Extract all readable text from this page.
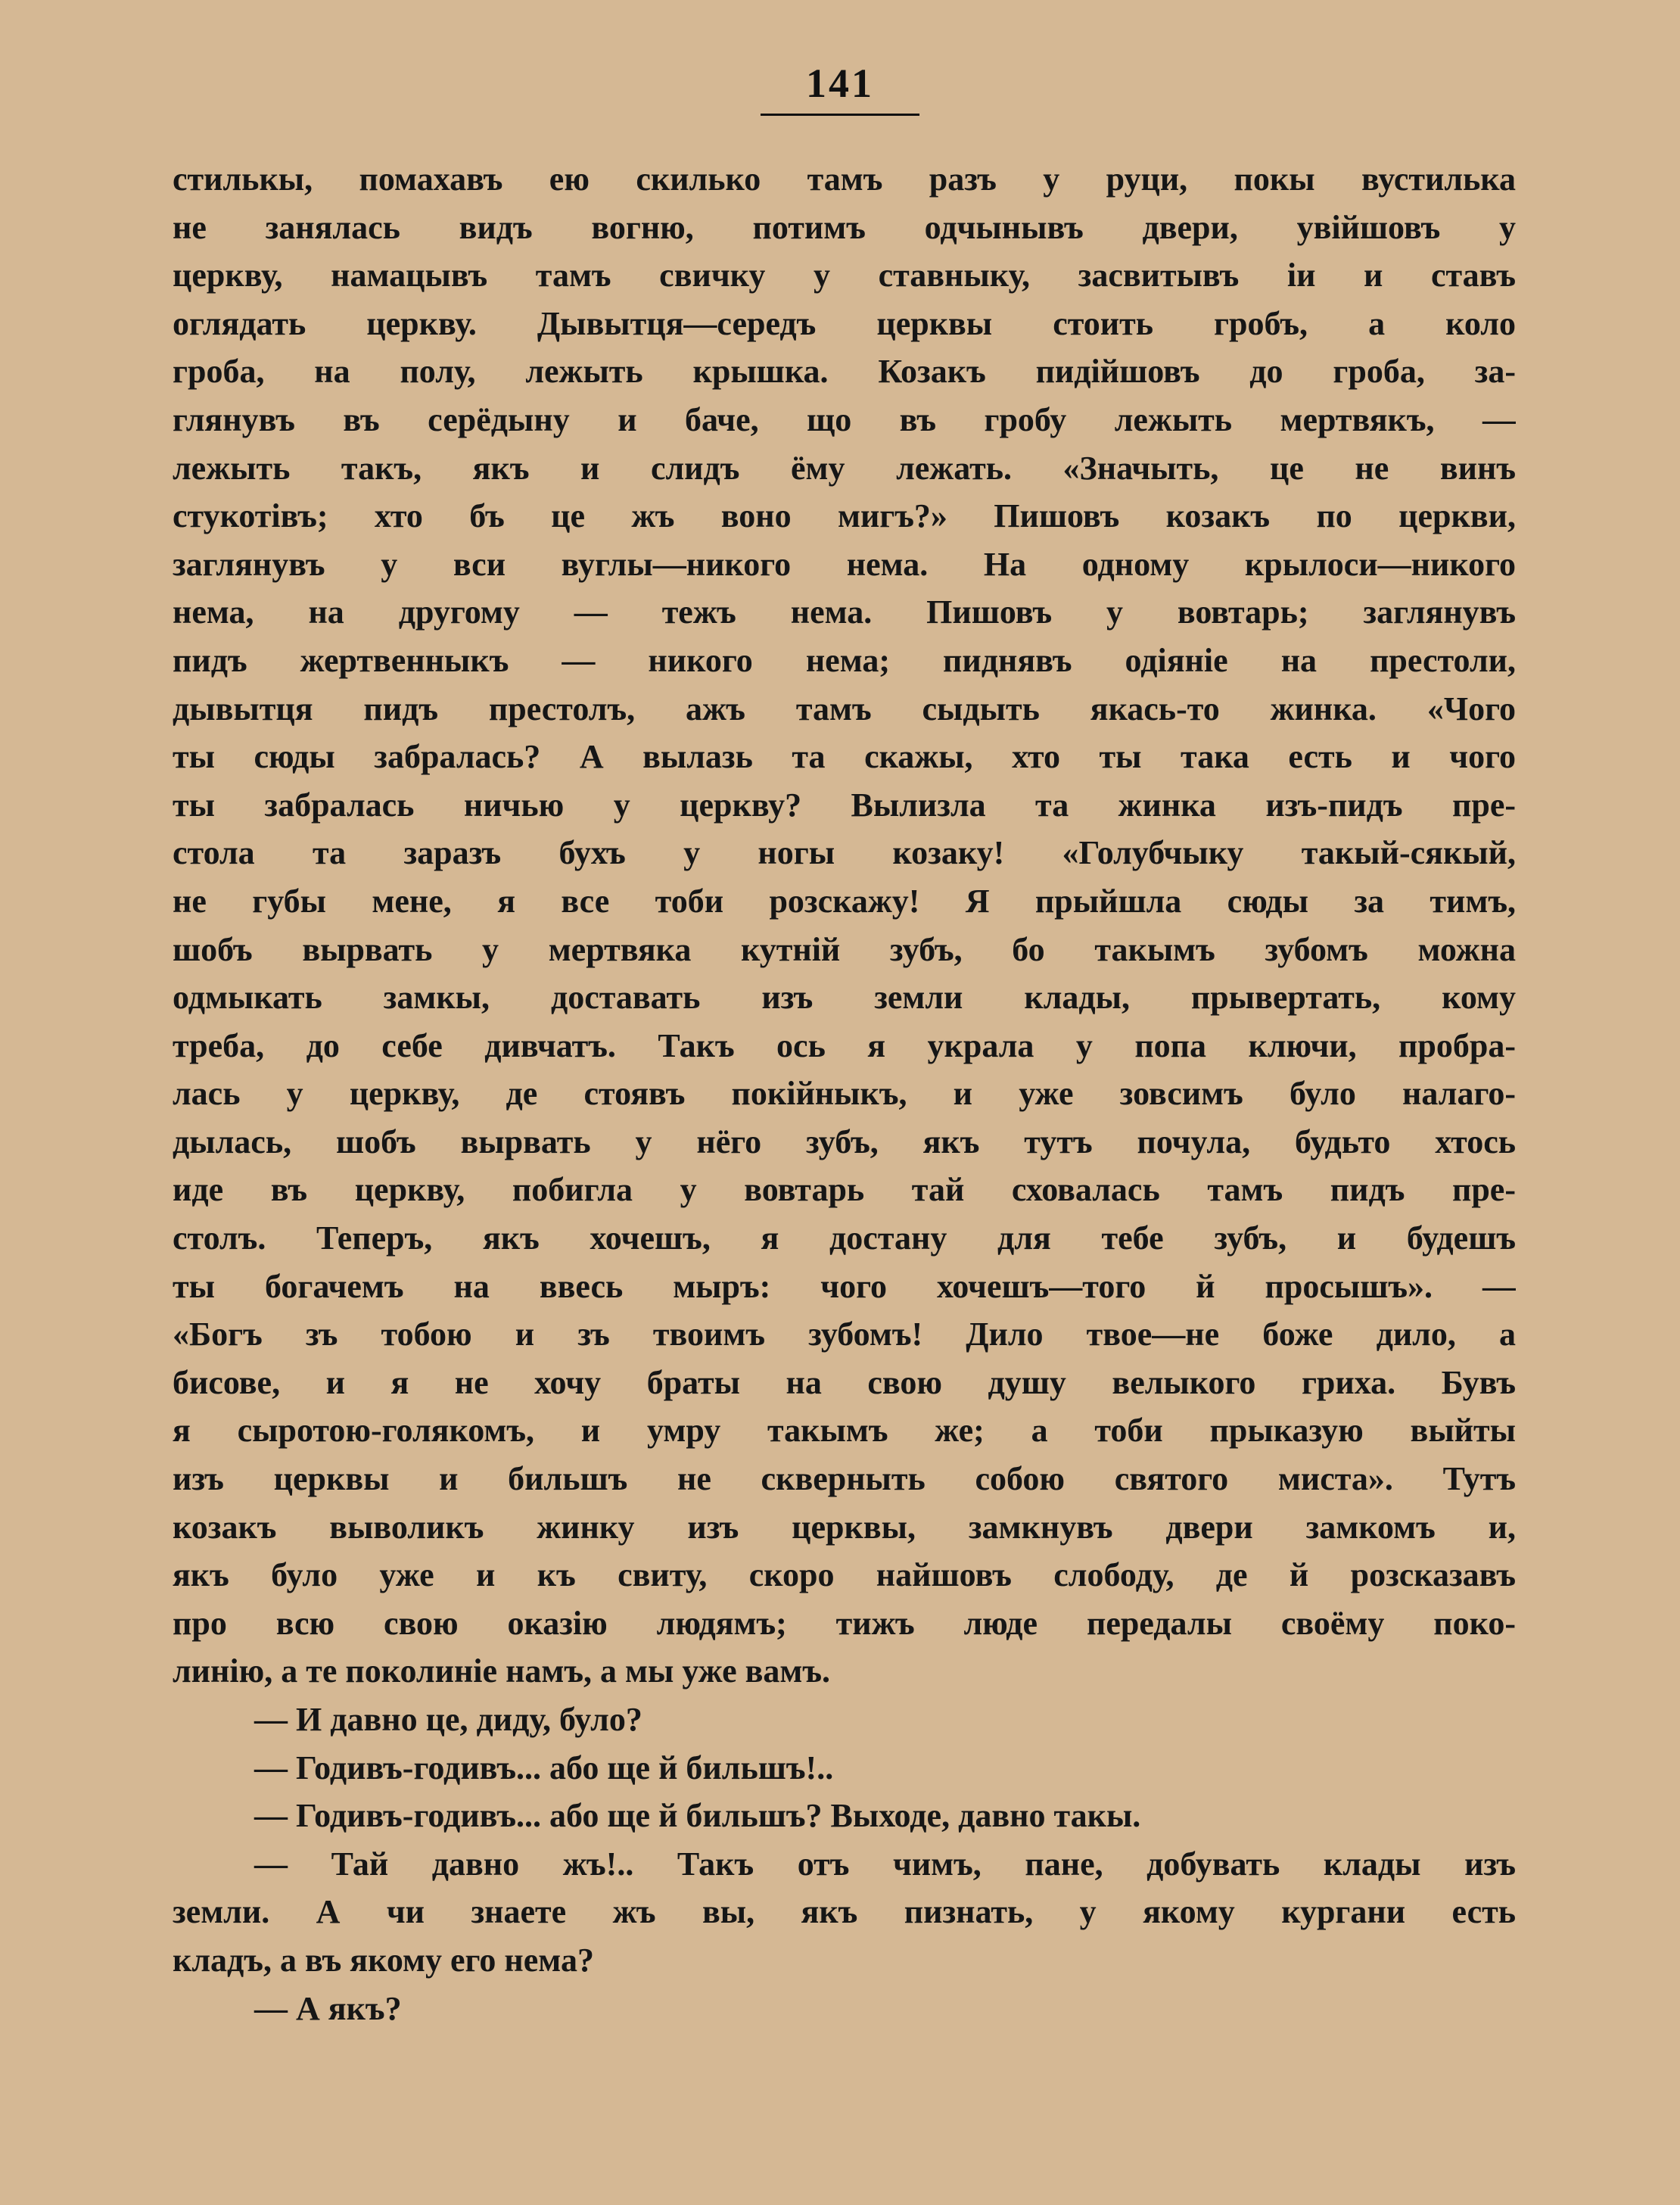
141
стилькы, помахавъ ею скилько тамъ разъ у руци, покы вустилька
не занялась видъ вогню, потимъ одчынывъ двери, увійшовъ у
церкву, намацывъ тамъ свичку у ставныку, засвитывъ іи и ставъ
оглядать церкву. Дывытця—середъ церквы стоить гробъ, а коло
гроба, на полу, лежыть крышка. Козакъ пидійшовъ до гроба, за-
глянувъ въ серёдыну и баче, що въ гробу лежыть мертвякъ, —
лежыть такъ, якъ и слидъ ёму лежать. «Значыть, це не винъ
стукотівъ; хто бъ це жъ воно мигъ?» Пишовъ козакъ по церкви,
заглянувъ у вси вуглы—никого нема. На одному крылоси—никого
нема, на другому — тежъ нема. Пишовъ у вовтарь; заглянувъ
пидъ жертвенныкъ — никого нема; пиднявъ одіяніе на престоли,
дывытця пидъ престолъ, ажъ тамъ сыдыть якась-то жинка. «Чого
ты сюды забралась? А вылазь та скажы, хто ты така есть и чого
ты забралась ничью у церкву? Вылизла та жинка изъ-пидъ пре-
стола та заразъ бухъ у ногы козаку! «Голубчыку такый-сякый,
не губы мене, я все тоби розскажу! Я прыйшла сюды за тимъ,
шобъ вырвать у мертвяка кутній зубъ, бо такымъ зубомъ можна
одмыкать замкы, доставать изъ земли клады, прывертать, кому
треба, до себе дивчатъ. Такъ ось я украла у попа ключи, пробра-
лась у церкву, де стоявъ покійныкъ, и уже зовсимъ було налаго-
дылась, шобъ вырвать у нёго зубъ, якъ тутъ почула, будьто хтось
иде въ церкву, побигла у вовтарь тай сховалась тамъ пидъ пре-
столъ. Теперъ, якъ хочешъ, я достану для тебе зубъ, и будешъ
ты богачемъ на ввесь мыръ: чого хочешъ—того й просышъ». —
«Богъ зъ тобою и зъ твоимъ зубомъ! Дило твое—не боже дило, а
бисове, и я не хочу браты на свою душу велыкого гриха. Бувъ
я сыротою-голякомъ, и умру такымъ же; а тоби прыказую выйты
изъ церквы и бильшъ не скверныть собою святого миста». Тутъ
козакъ выволикъ жинку изъ церквы, замкнувъ двери замкомъ и,
якъ було уже и къ свиту, скоро найшовъ слободу, де й розсказавъ
про всю свою оказію людямъ; тижъ люде передалы своёму поко-
линію, а те поколиніе намъ, а мы уже вамъ.
— И давно це, диду, було?
— Годивъ-годивъ... або ще й бильшъ!..
— Годивъ-годивъ... або ще й бильшъ? Выходе, давно такы.
— Тай давно жъ!.. Такъ отъ чимъ, пане, добувать клады изъ
земли. А чи знаете жъ вы, якъ пизнать, у якому кургани есть
кладъ, а въ якому его нема?
— А якъ?
